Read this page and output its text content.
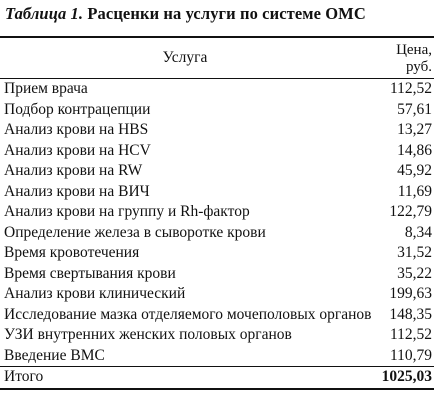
Таблица 1. Расценки на услуги по системе ОМС
Услуга	Цена,
руб.
Прием врача	112,52
Подбор контрацепции	57,61
Анализ крови на HBS	13,27
Анализ крови на HCV	14,86
Анализ крови на RW	45,92
Анализ крови на ВИЧ	11,69
Анализ крови на группу и Rh-фактор	122,79
Определение железа в сыворотке крови	8,34
Время кровотечения	31,52
Время свертывания крови	35,22
Анализ крови клинический	199,63
Исследование мазка отделяемого мочеполовых органов 148,35
УЗИ внутренних женских половых органов	112,52
Введение ВМС	110,79
Итого	1025,03
